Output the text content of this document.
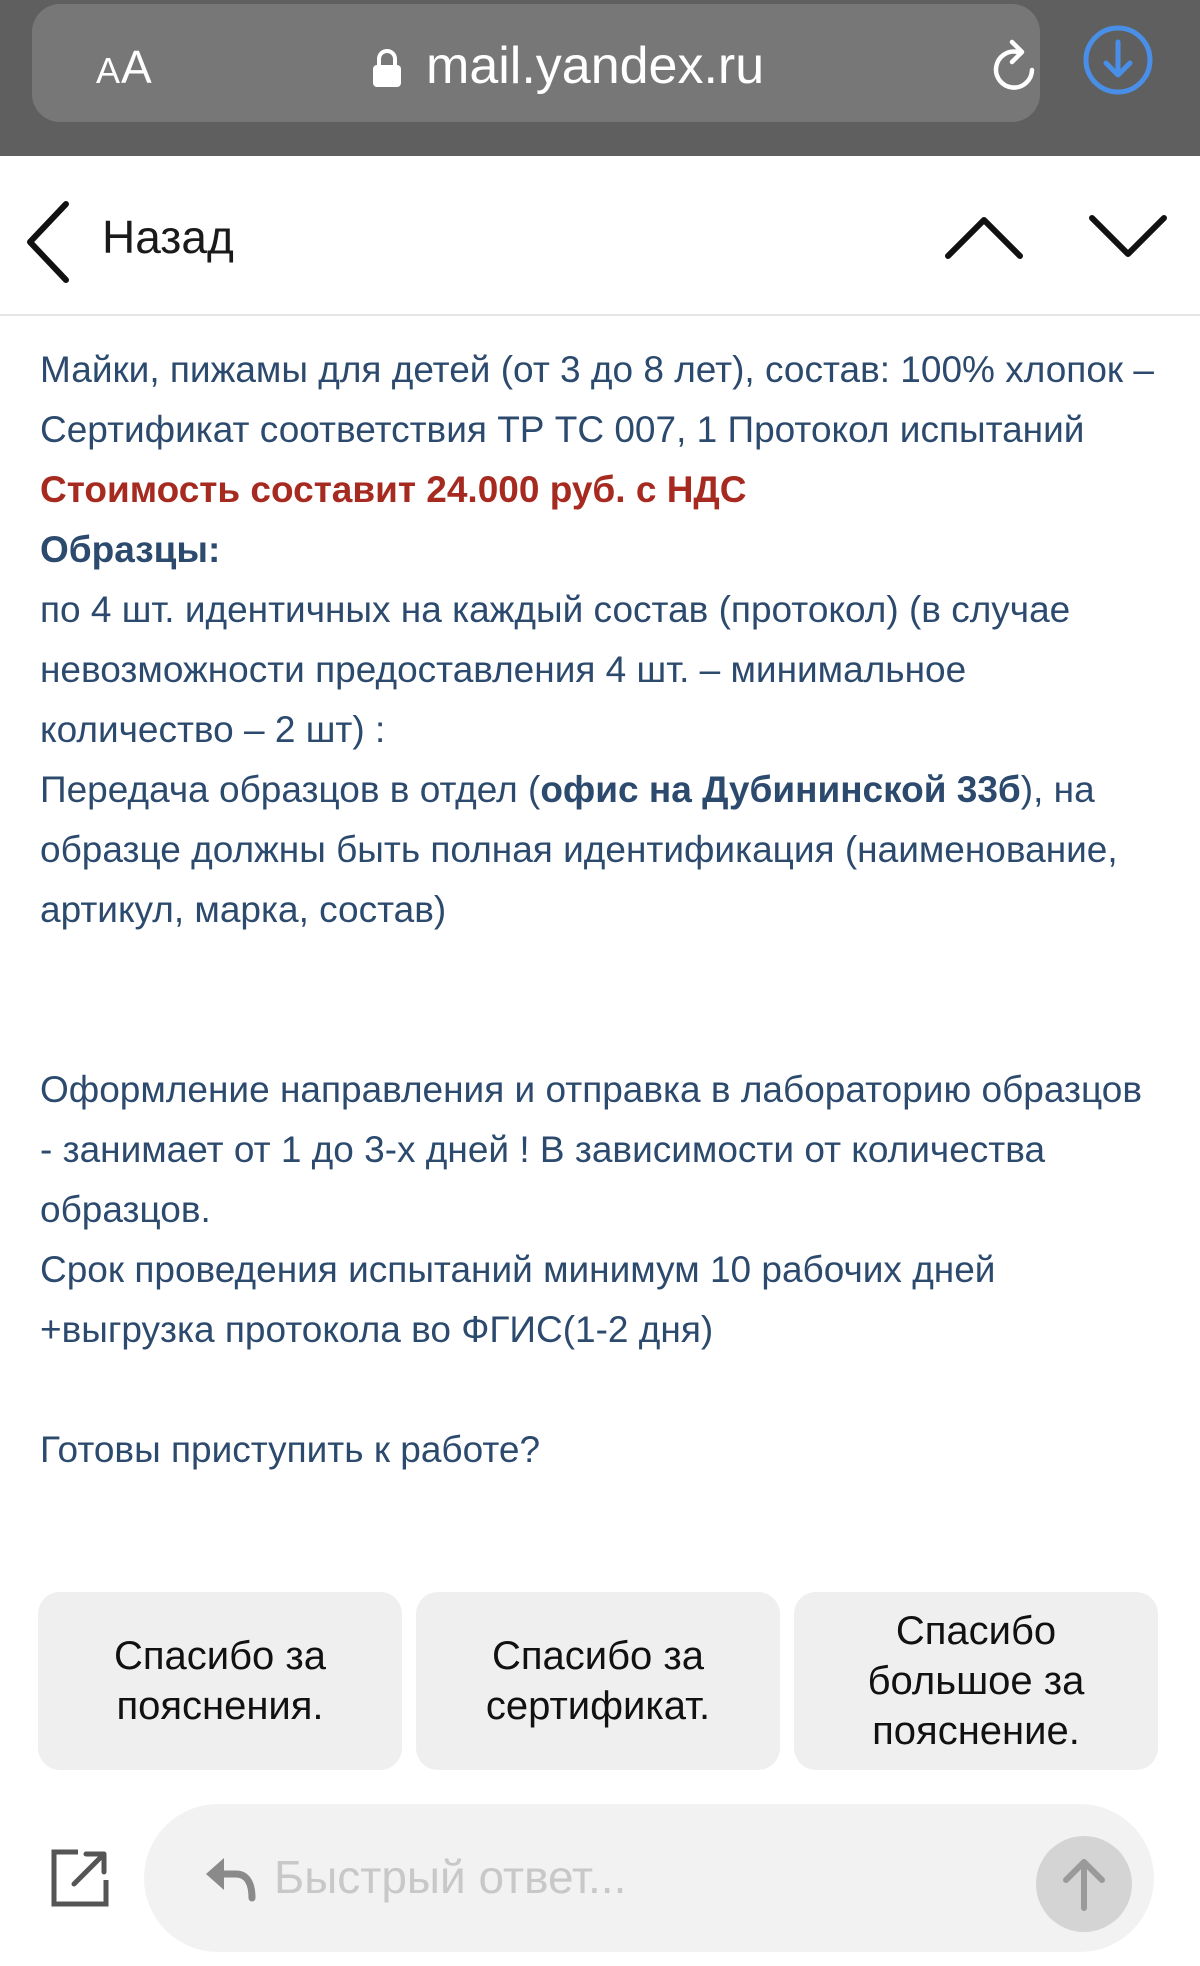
AA	mail.yandex.ru
Назад

Майки, пижамы для детей (от 3 до 8 лет), состав: 100% хлопок – Сертификат соответствия ТР ТС 007, 1 Протокол испытаний

Стоимость составит 24.000 руб. с НДС

Образцы:

по 4 шт. идентичных на каждый состав (протокол) (в случае невозможности предоставления 4 шт. – минимальное количество – 2 шт) :

Передача образцов в отдел (офис на Дубининской 33б), на образце должны быть полная идентификация (наименование, артикул, марка, состав)

Оформление направления и отправка в лабораторию образцов - занимает от 1 до 3-х дней ! В зависимости от количества образцов.

Срок проведения испытаний минимум 10 рабочих дней +выгрузка протокола во ФГИС(1-2 дня)

Готовы приступить к работе?

Спасибо за пояснения.
Спасибо за сертификат.
Спасибо большое за пояснение.
Быстрый ответ...
